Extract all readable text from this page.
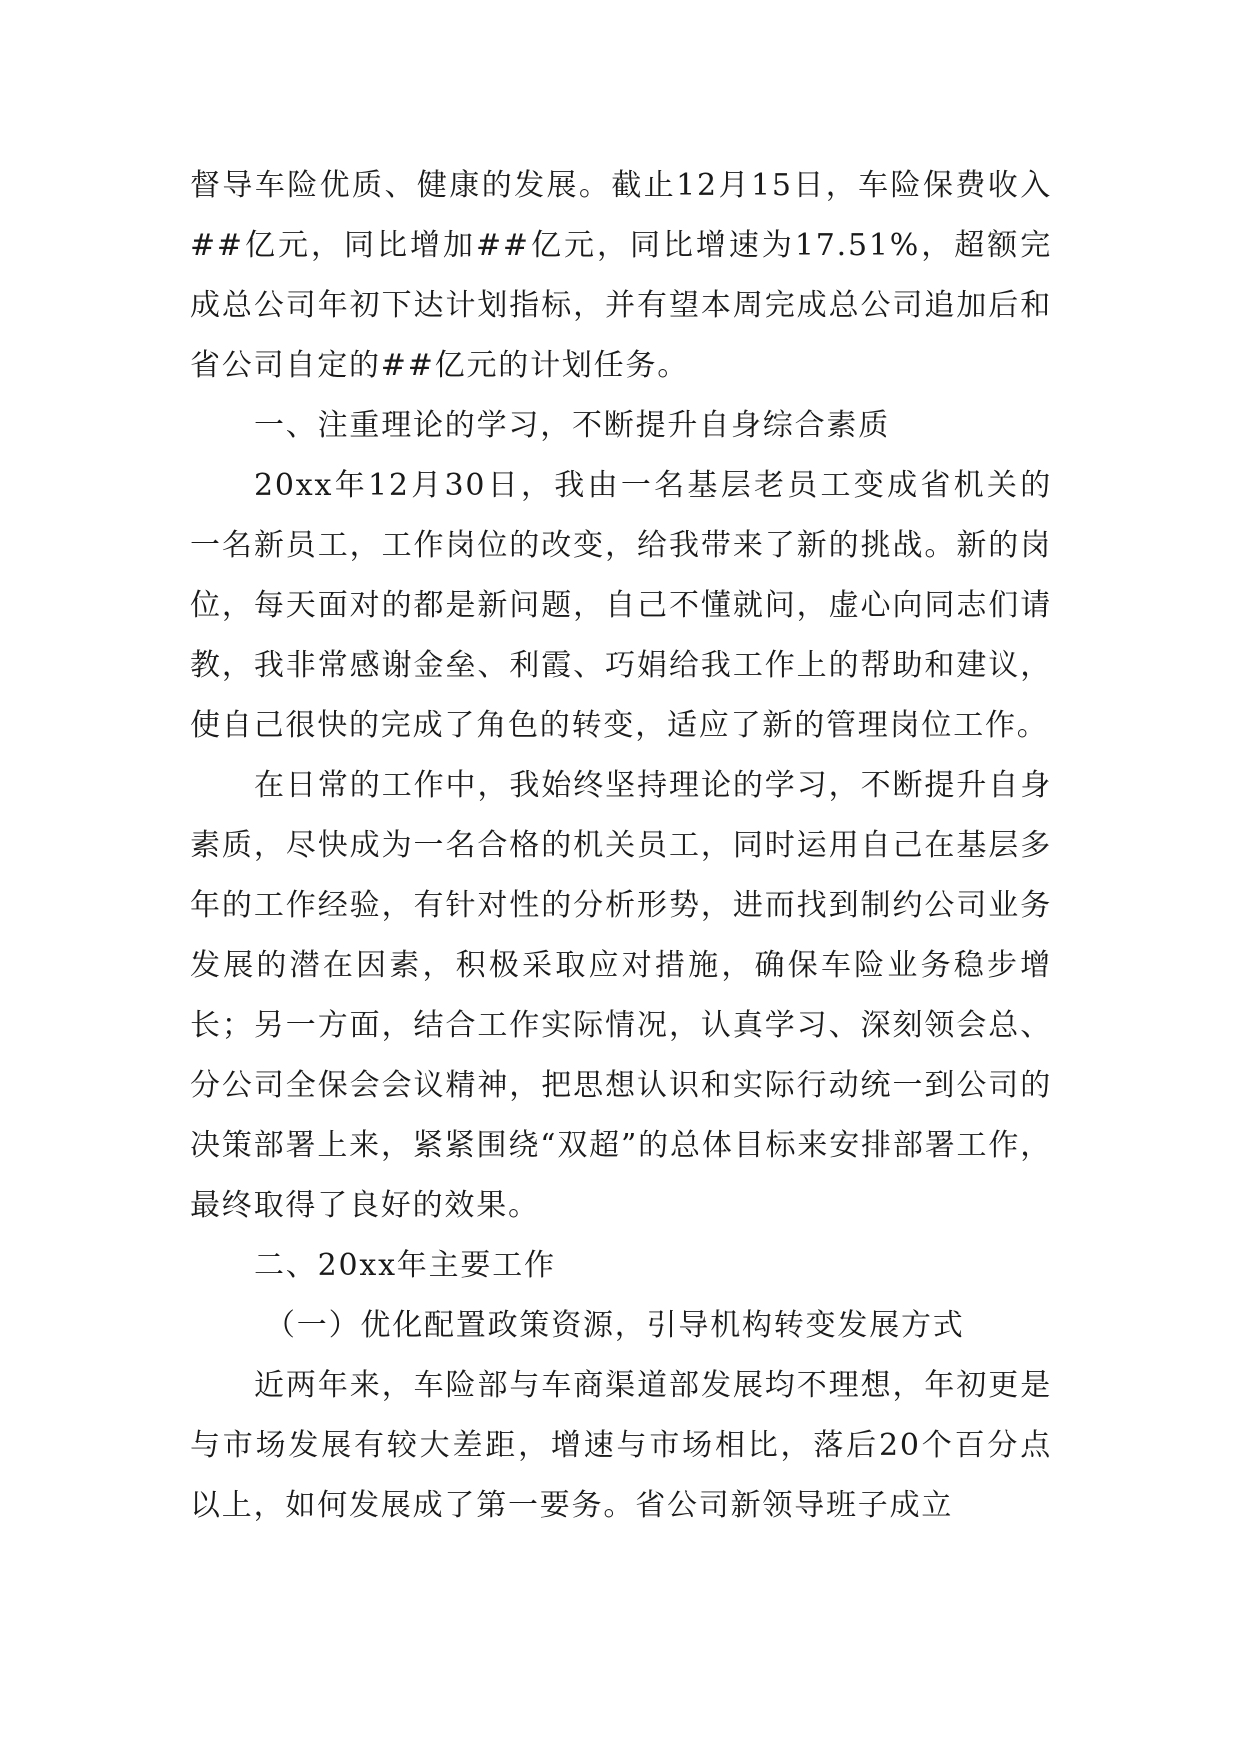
督导车险优质、健康的发展。截止12月15日，车险保费收入##亿元，同比增加##亿元，同比增速为17.51%，超额完成总公司年初下达计划指标，并有望本周完成总公司追加后和省公司自定的##亿元的计划任务。

一、注重理论的学习，不断提升自身综合素质

20xx年12月30日，我由一名基层老员工变成省机关的一名新员工，工作岗位的改变，给我带来了新的挑战。新的岗位，每天面对的都是新问题，自己不懂就问，虚心向同志们请教，我非常感谢金垒、利霞、巧娟给我工作上的帮助和建议，使自己很快的完成了角色的转变，适应了新的管理岗位工作。

在日常的工作中，我始终坚持理论的学习，不断提升自身素质，尽快成为一名合格的机关员工，同时运用自己在基层多年的工作经验，有针对性的分析形势，进而找到制约公司业务发展的潜在因素，积极采取应对措施，确保车险业务稳步增长；另一方面，结合工作实际情况，认真学习、深刻领会总、分公司全保会会议精神，把思想认识和实际行动统一到公司的决策部署上来，紧紧围绕“双超”的总体目标来安排部署工作，最终取得了良好的效果。

二、20xx年主要工作

（一）优化配置政策资源，引导机构转变发展方式

近两年来，车险部与车商渠道部发展均不理想，年初更是与市场发展有较大差距，增速与市场相比，落后20个百分点以上，如何发展成了第一要务。省公司新领导班子成立
